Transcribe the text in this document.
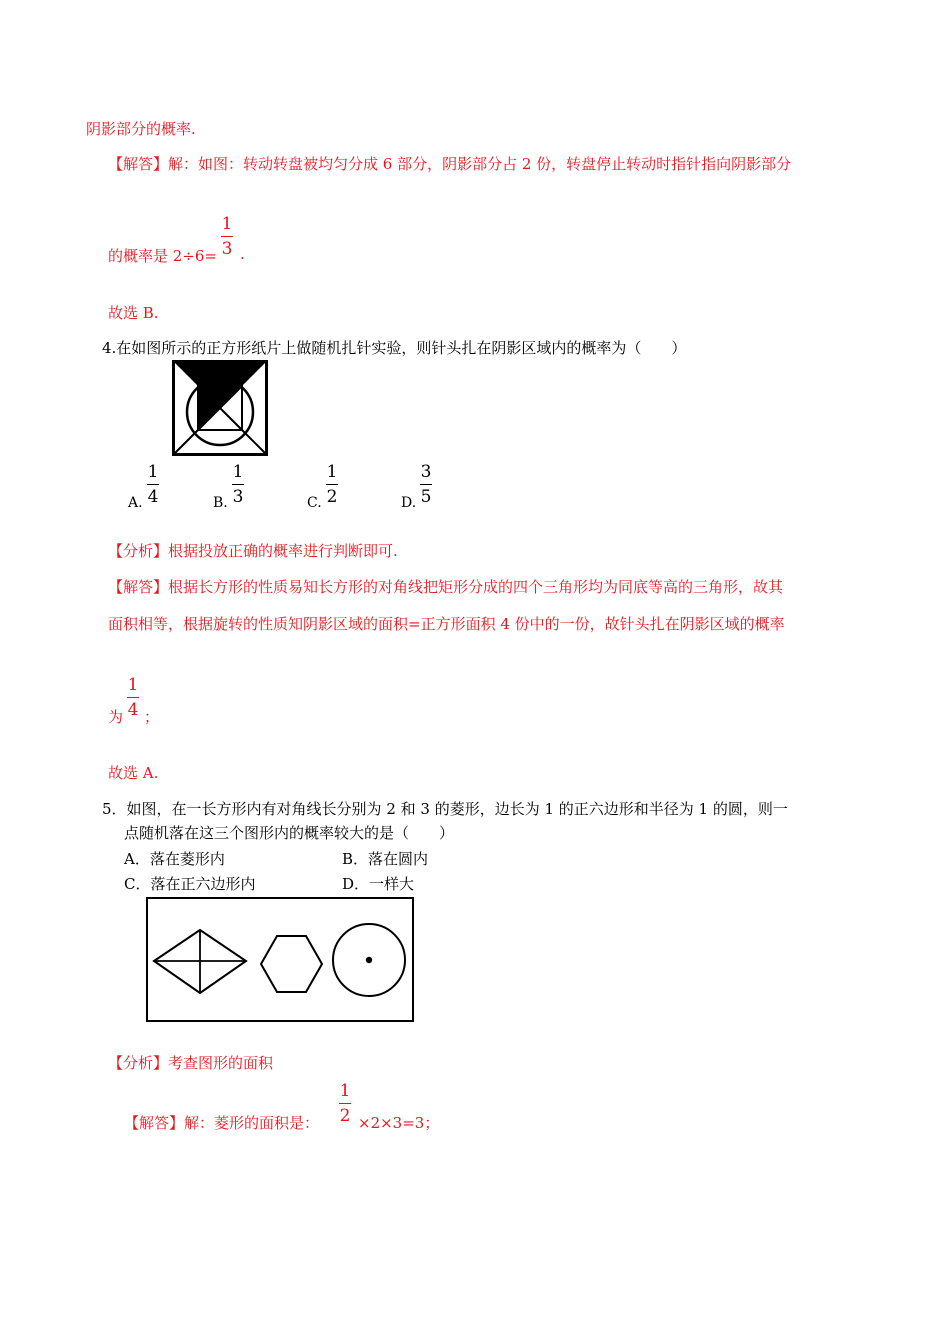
阴影部分的概率.
【解答】解：如图：转动转盘被均匀分成 6 部分，阴影部分占 2 份，转盘停止转动时指针指向阴影部分
的概率是 2÷6=
1
3 .
故选 B.
4.在如图所示的正方形纸片上做随机扎针实验，则针头扎在阴影区域内的概率为（　　）
A.
1
4	B.
1
3	C.
1
2	D.
3
5
【分析】根据投放正确的概率进行判断即可.
【解答】根据长方形的性质易知长方形的对角线把矩形分成的四个三角形均为同底等高的三角形，故其
面积相等，根据旋转的性质知阴影区域的面积=正方形面积 4 份中的一份，故针头扎在阴影区域的概率
为
1
4 ；
故选 A.
5．如图，在一长方形内有对角线长分别为 2 和 3 的菱形，边长为 1 的正六边形和半径为 1 的圆，则一
点随机落在这三个图形内的概率较大的是（　　）
A．落在菱形内	B．落在圆内
C．落在正六边形内	D．一样大
【分析】考查图形的面积
【解答】解：菱形的面积是：
1
2 ×2×3=3；
